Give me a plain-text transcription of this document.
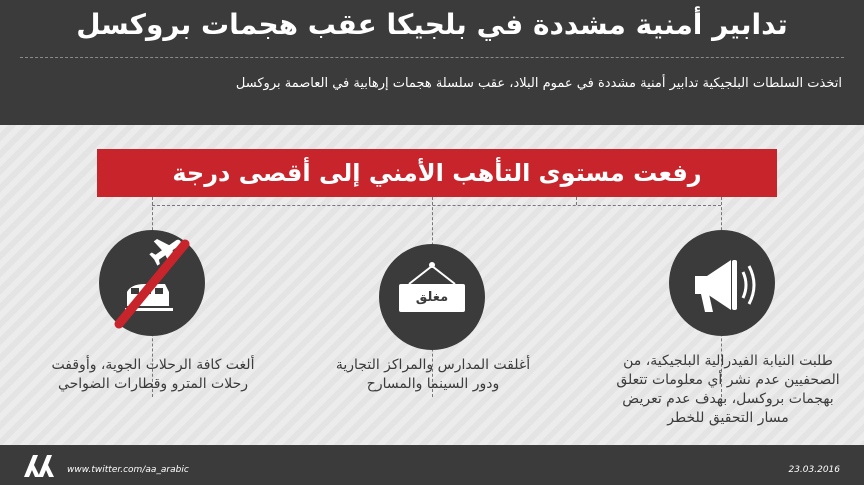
تدابير أمنية مشددة في بلجيكا عقب هجمات بروكسل
اتخذت السلطات البلجيكية تدابير أمنية مشددة في عموم البلاد، عقب سلسلة هجمات إرهابية في العاصمة بروكسل
رفعت مستوى التأهب الأمني إلى أقصى درجة
مغلق
ألغت كافة الرحلات الجوية، وأوقفت رحلات المترو وقطارات الضواحي
أغلقت المدارس والمراكز التجارية ودور السينما والمسارح
طلبت النيابة الفيدرالية البلجيكية، من الصحفيين عدم نشر أي معلومات تتعلق بهجمات بروكسل، بهدف عدم تعريض مسار التحقيق للخطر
www.twitter.com/aa_arabic	23.03.2016
